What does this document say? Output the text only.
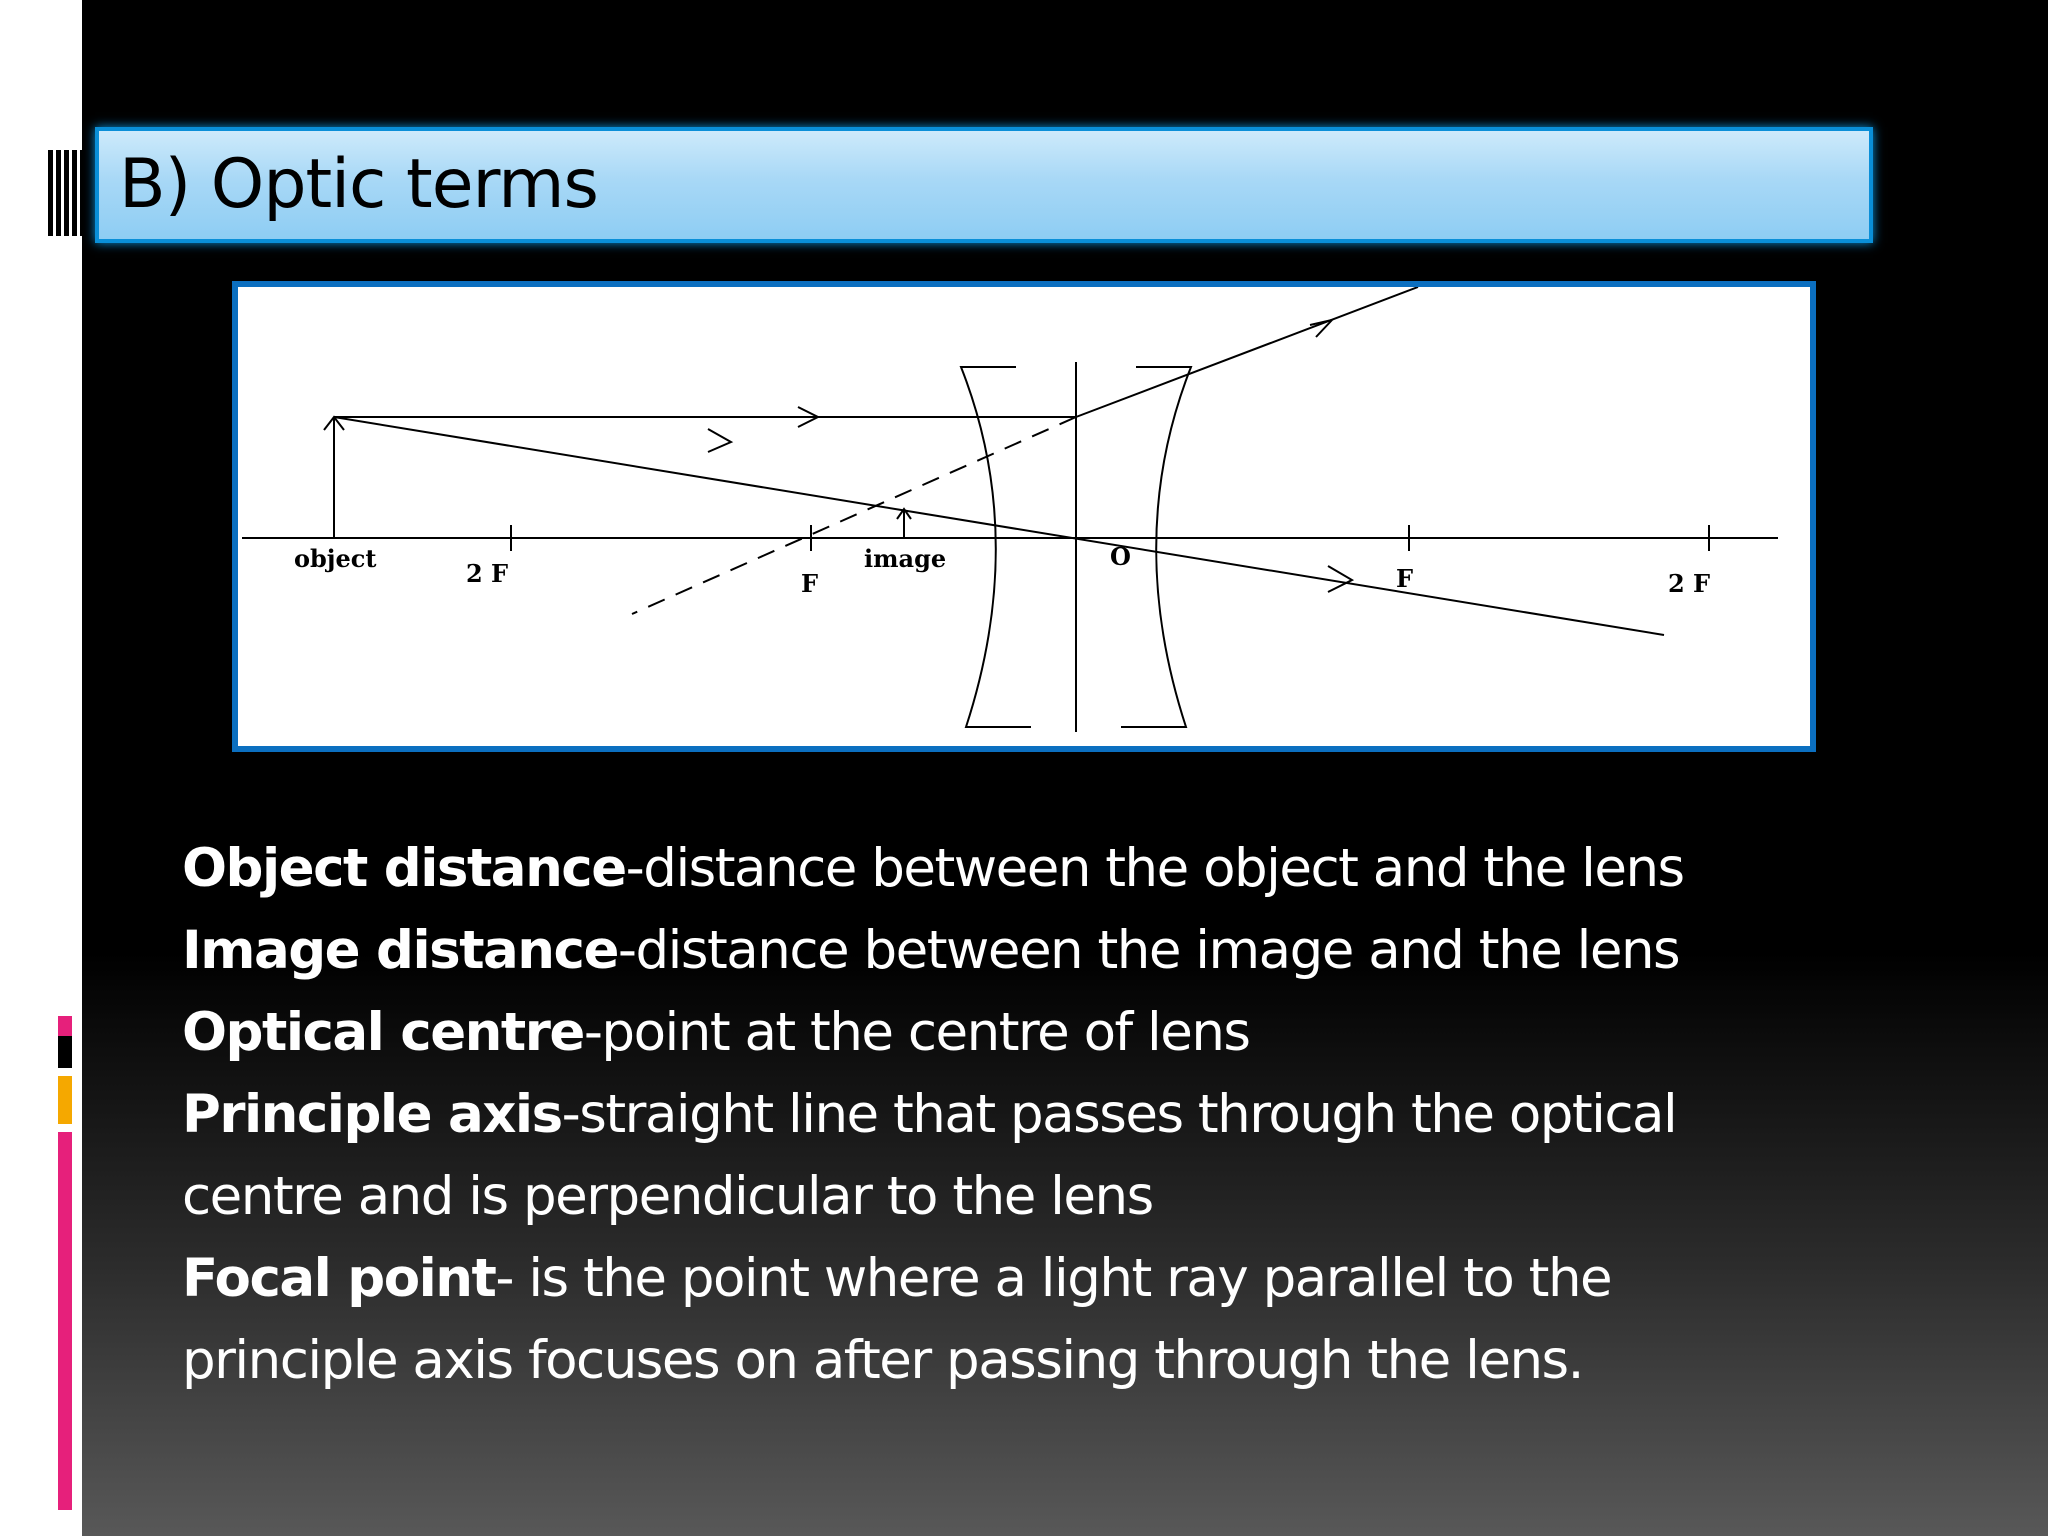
B) Optic terms
object
2 F	F
image	O
F	2 F
Object distance-distance between the object and the lens
Image distance-distance between the image and the lens
Optical centre-point at the centre of lens
Principle axis-straight line that passes through the optical
centre and is perpendicular to the lens
Focal point- is the point where a light ray parallel to the
principle axis focuses on after passing through the lens.
